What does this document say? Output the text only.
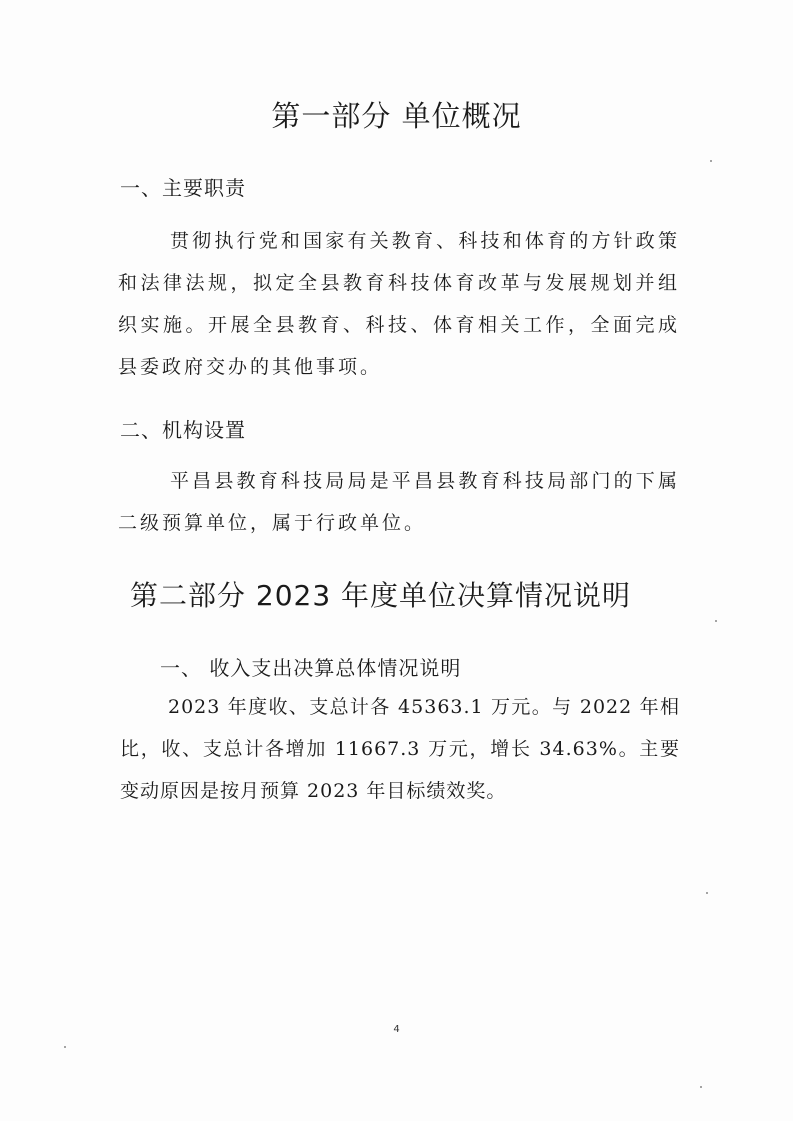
第一部分 单位概况
一、主要职责
贯彻执行党和国家有关教育、科技和体育的方针政策和法律法规，拟定全县教育科技体育改革与发展规划并组织实施。开展全县教育、科技、体育相关工作，全面完成县委政府交办的其他事项。
二、机构设置
平昌县教育科技局局是平昌县教育科技局部门的下属二级预算单位，属于行政单位。
第二部分 2023 年度单位决算情况说明
一、 收入支出决算总体情况说明
2023 年度收、支总计各 45363.1 万元。与 2022 年相比，收、支总计各增加 11667.3 万元，增长 34.63%。主要变动原因是按月预算 2023 年目标绩效奖。
4
